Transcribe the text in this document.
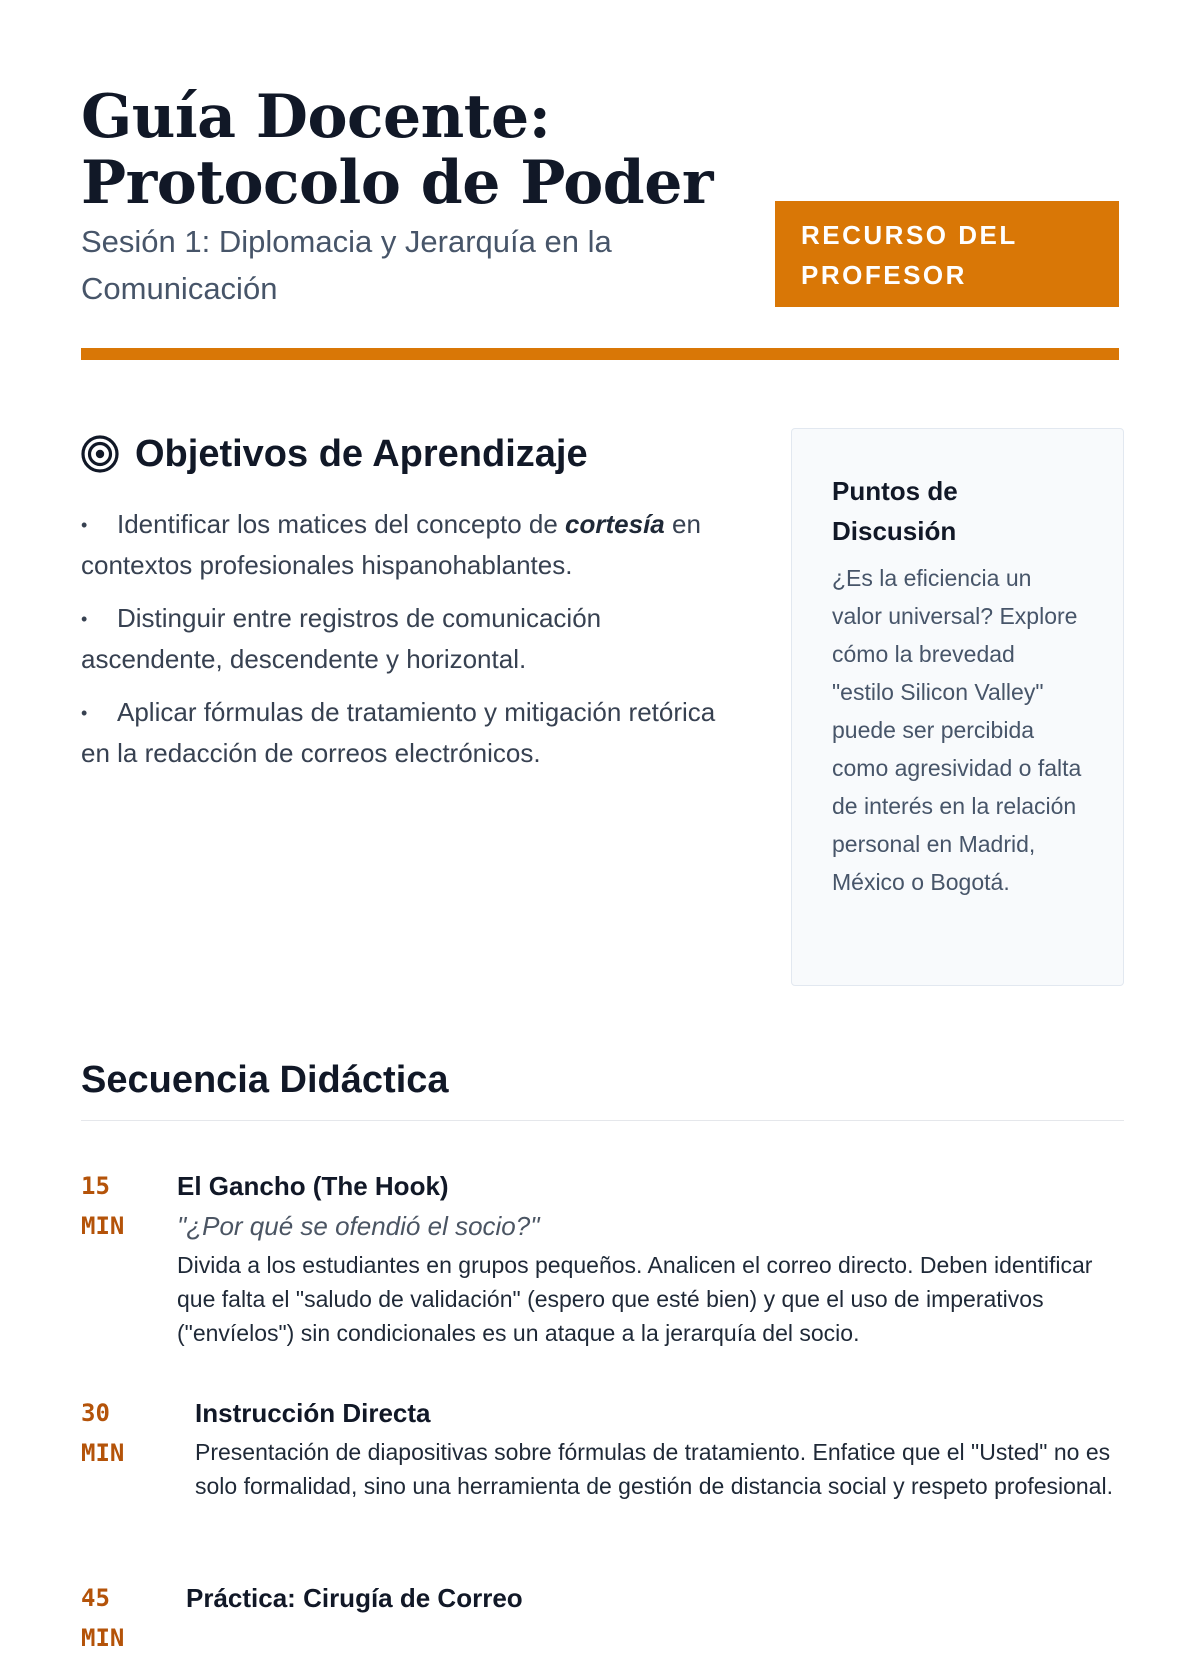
Guía Docente: Protocolo de Poder

Sesión 1: Diplomacia y Jerarquía en la Comunicación

RECURSO DEL PROFESOR
Objetivos de Aprendizaje
• Identificar los matices del concepto de cortesía en contextos profesionales hispanohablantes.
• Distinguir entre registros de comunicación ascendente, descendente y horizontal.
• Aplicar fórmulas de tratamiento y mitigación retórica en la redacción de correos electrónicos.
Puntos de Discusión

¿Es la eficiencia un valor universal? Explore cómo la brevedad "estilo Silicon Valley" puede ser percibida como agresividad o falta de interés en la relación personal en Madrid, México o Bogotá.

Secuencia Didáctica
15
MIN

El Gancho (The Hook)

"¿Por qué se ofendió el socio?"

Divida a los estudiantes en grupos pequeños. Analicen el correo directo. Deben identificar que falta el "saludo de validación" (espero que esté bien) y que el uso de imperativos ("envíelos") sin condicionales es un ataque a la jerarquía del socio.

30
MIN

Instrucción Directa

Presentación de diapositivas sobre fórmulas de tratamiento. Enfatice que el "Usted" no es solo formalidad, sino una herramienta de gestión de distancia social y respeto profesional.

45
MIN

Práctica: Cirugía de Correo
